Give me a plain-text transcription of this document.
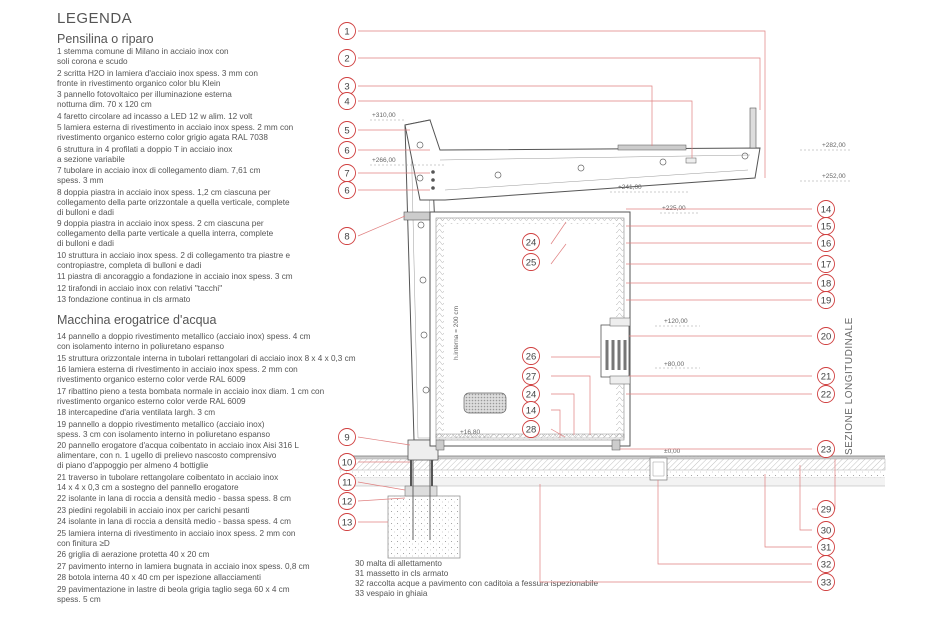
LEGENDA
Pensilina o riparo
1 stemma comune di Milano in acciaio inox con
soli corona e scudo
2 scritta H2O in lamiera d'acciaio inox spess. 3 mm con
fronte in rivestimento organico color blu Klein
3 pannello fotovoltaico per illuminazione esterna
notturna dim. 70 x 120 cm
4 faretto circolare ad incasso a LED 12 w alim. 12 volt
5 lamiera esterna di rivestimento in acciaio inox spess. 2 mm con
rivestimento organico esterno color grigio agata RAL 7038
6 struttura in 4 profilati a doppio T in acciaio inox
a sezione variabile
7 tubolare in acciaio inox di collegamento diam. 7,61 cm
spess. 3 mm
8 doppia piastra in acciaio inox spess. 1,2 cm ciascuna per
collegamento della parte orizzontale a quella verticale, complete
di bulloni e dadi
9 doppia piastra in acciaio inox spess. 2 cm ciascuna per
collegamento della parte verticale a quella interra, complete
di bulloni e dadi
10 struttura in acciaio inox spess. 2 di collegamento tra piastre e
contropiastre, completa di bulloni e dadi
11 piastra di ancoraggio a fondazione in acciaio inox spess. 3 cm
12 tirafondi in acciaio inox con relativi "tacchi"
13 fondazione continua in cls armato
Macchina erogatrice d'acqua
14 pannello a doppio rivestimento metallico (acciaio inox) spess. 4 cm
con isolamento interno in poliuretano espanso
15 struttura orizzontale interna in tubolari rettangolari di acciaio inox 8 x 4 x 0,3 cm
16 lamiera esterna di rivestimento in acciaio inox spess. 2 mm con
rivestimento organico esterno color verde RAL 6009
17 ribattino pieno a testa bombata normale in acciaio inox diam. 1 cm con
rivestimento organico esterno color verde RAL 6009
18 intercapedine d'aria ventilata largh. 3 cm
19 pannello a doppio rivestimento metallico (acciaio inox)
spess. 3 cm con isolamento interno in poliuretano espanso
20 pannello erogatore d'acqua coibentato in acciaio inox Aisi 316 L
alimentare, con n. 1 ugello di prelievo nascosto comprensivo
di piano d'appoggio per almeno 4 bottiglie
21 traverso in tubolare rettangolare coibentato in acciaio inox
14 x 4 x 0,3 cm a sostegno del pannello erogatore
22 isolante in lana di roccia a densità medio - bassa spess. 8 cm
23 piedini regolabili in acciaio inox per carichi pesanti
24 isolante in lana di roccia a densità medio - bassa spess. 4 cm
25 lamiera interna di rivestimento in acciaio inox spess. 2 mm con
con finitura ≥D
26 griglia di aerazione protetta 40 x 20 cm
27 pavimento interno in lamiera bugnata in acciaio inox spess. 0,8 cm
28 botola interna 40 x 40 cm per ispezione allacciamenti
29 pavimentazione in lastre di beola grigia taglio sega 60 x 4 cm
spess. 5 cm
30 malta di allettamento
31 massetto in cls armato
32 raccolta acque a pavimento con caditoia a fessura ispezionabile
33 vespaio in ghiaia
+310,00
+266,00
+241,00
+225,00
+282,00
+252,00
+120,00
+80,00
+16,80
±0,00
h.interna = 200 cm	SEZIONE LONGITUDINALE
1
2
3
4
5
6
7
6
8
9
10
11
12
13
14
15
16
17
18
19
20
21
22
23
29
30
31
32
33
24
25
26
27
24
14
28
